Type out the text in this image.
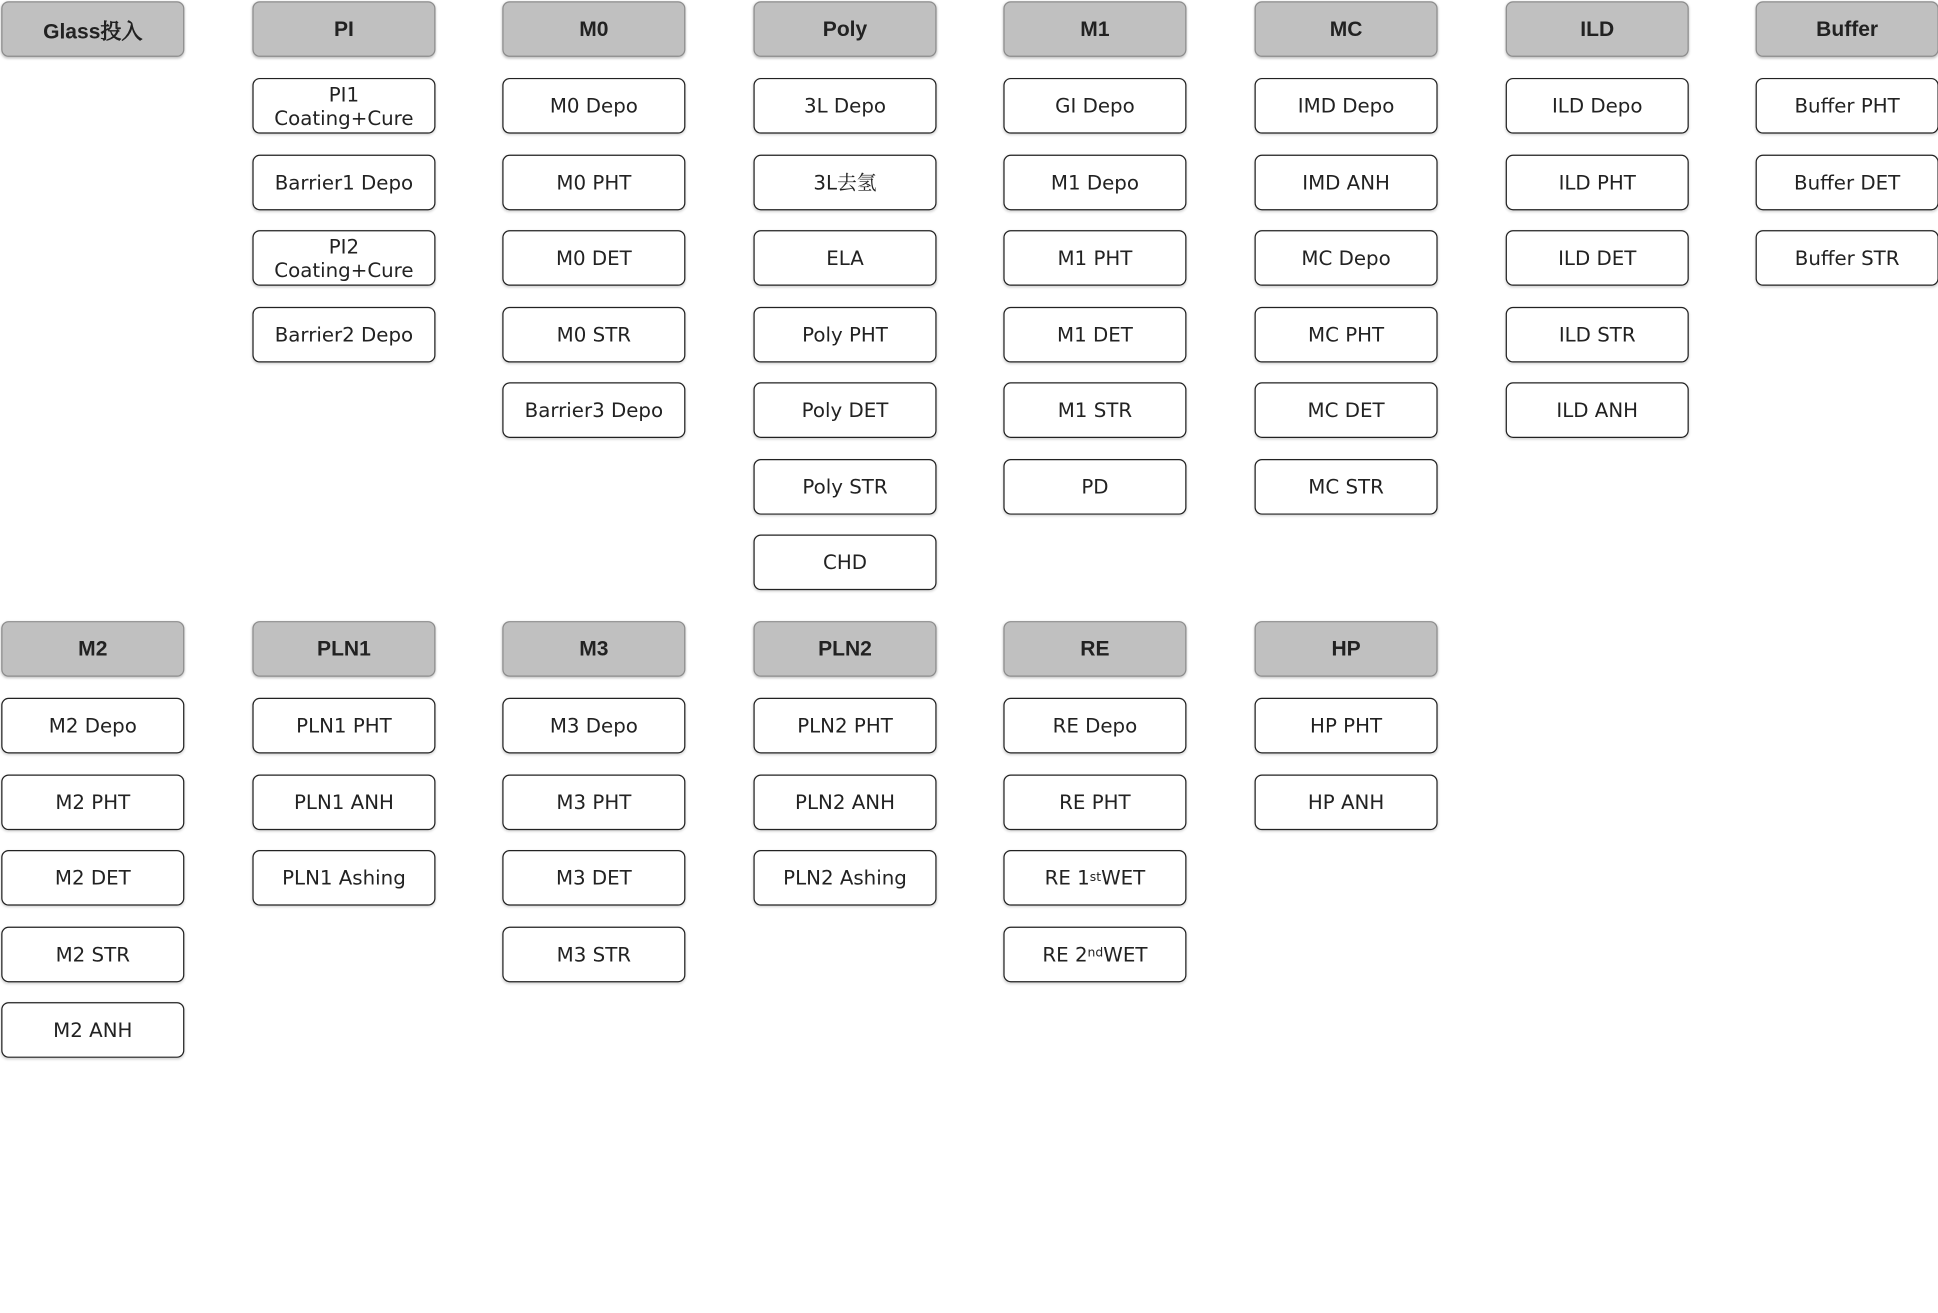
Glass投入	PI
PI1
Coating+Cure
Barrier1 Depo
PI2
Coating+Cure
Barrier2 Depo
M0
M0 Depo
M0 PHT
M0 DET
M0 STR
Barrier3 Depo
Poly
3L Depo
3L去氢
ELA
Poly PHT
Poly DET
Poly STR
CHD
M1
GI Depo
M1 Depo
M1 PHT
M1 DET
M1 STR
PD
MC
IMD Depo
IMD ANH
MC Depo
MC PHT
MC DET
MC STR
ILD
ILD Depo
ILD PHT
ILD DET
ILD STR
ILD ANH
Buffer
Buffer PHT
Buffer DET
Buffer STR
M2
M2 Depo
M2 PHT
M2 DET
M2 STR
M2 ANH
PLN1
PLN1 PHT
PLN1 ANH
PLN1 Ashing
M3
M3 Depo
M3 PHT
M3 DET
M3 STR
PLN2
PLN2 PHT
PLN2 ANH
PLN2 Ashing
RE
RE Depo
RE PHT
RE 1 st WET
RE 2 nd WET
HP
HP PHT
HP ANH
